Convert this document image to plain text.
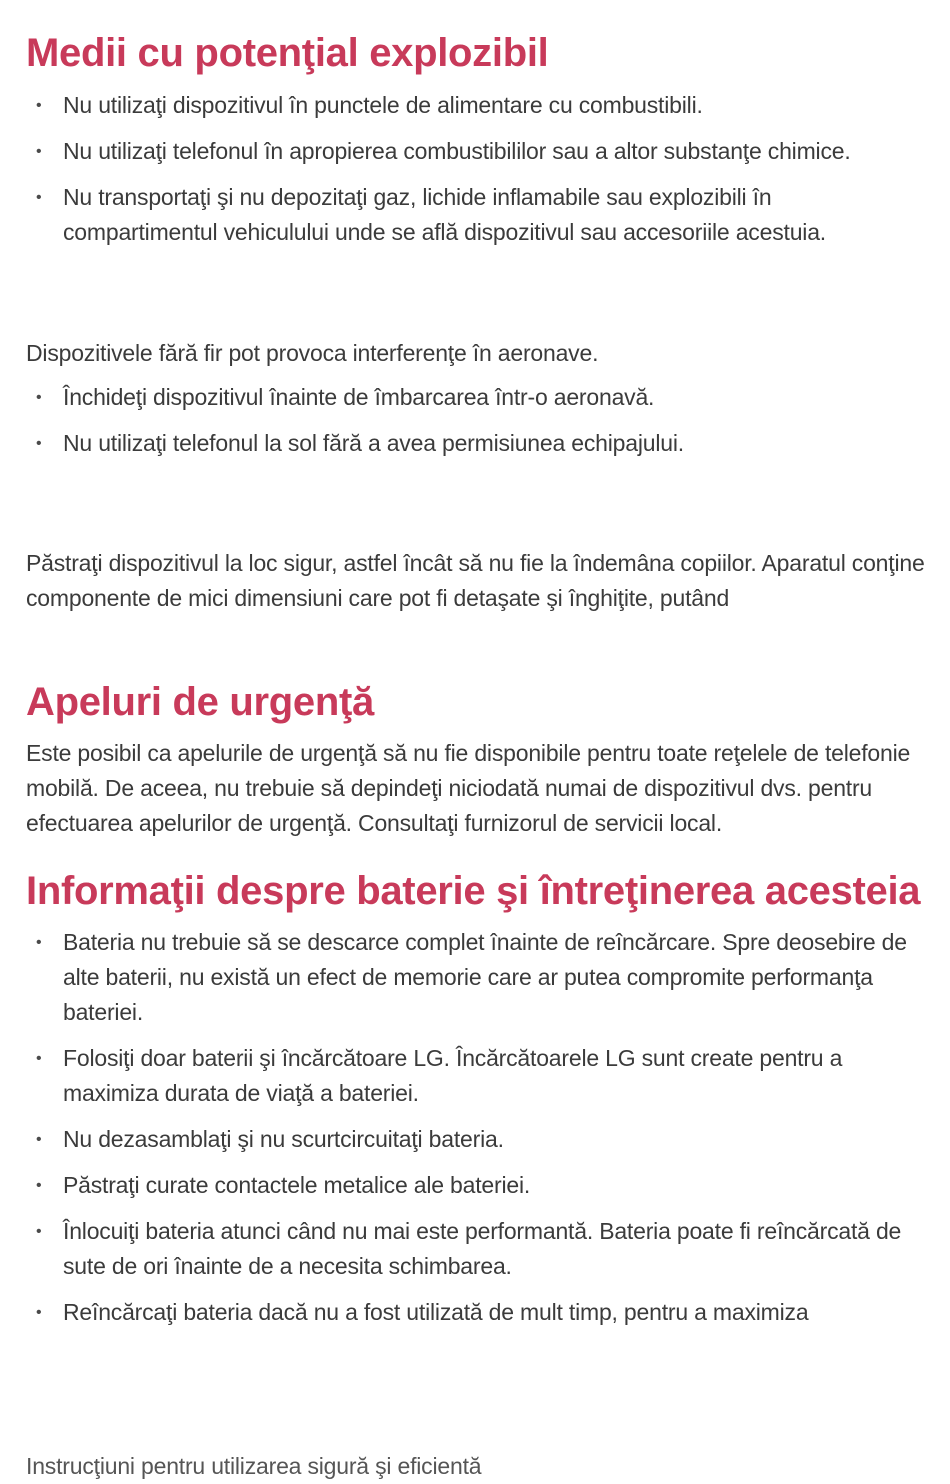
Medii cu potenţial explozibil
• Nu utilizaţi dispozitivul în punctele de alimentare cu combustibili.
• Nu utilizaţi telefonul în apropierea combustibililor sau a altor substanţe chimice.
• Nu transportaţi şi nu depozitaţi gaz, lichide inflamabile sau explozibili în compartimentul vehiculului unde se află dispozitivul sau accesoriile acestuia.

Dispozitivele fără fir pot provoca interferenţe în aeronave.

• Închideţi dispozitivul înainte de îmbarcarea într-o aeronavă.
• Nu utilizaţi telefonul la sol fără a avea permisiunea echipajului.

Păstraţi dispozitivul la loc sigur, astfel încât să nu fie la îndemâna copiilor. Aparatul conţine componente de mici dimensiuni care pot fi detaşate şi înghiţite, putând

Apeluri de urgenţă

Este posibil ca apelurile de urgenţă să nu fie disponibile pentru toate reţelele de telefonie mobilă. De aceea, nu trebuie să depindeţi niciodată numai de dispozitivul dvs. pentru efectuarea apelurilor de urgenţă. Consultaţi furnizorul de servicii local.

Informaţii despre baterie şi întreţinerea acesteia
• Bateria nu trebuie să se descarce complet înainte de reîncărcare. Spre deosebire de alte baterii, nu există un efect de memorie care ar putea compromite performanţa bateriei.
• Folosiţi doar baterii şi încărcătoare LG. Încărcătoarele LG sunt create pentru a maximiza durata de viaţă a bateriei.
• Nu dezasamblaţi şi nu scurtcircuitaţi bateria.
• Păstraţi curate contactele metalice ale bateriei.
• Înlocuiţi bateria atunci când nu mai este performantă. Bateria poate fi reîncărcată de sute de ori înainte de a necesita schimbarea.
• Reîncărcaţi bateria dacă nu a fost utilizată de mult timp, pentru a maximiza
Instrucţiuni pentru utilizarea sigură şi eficientă
